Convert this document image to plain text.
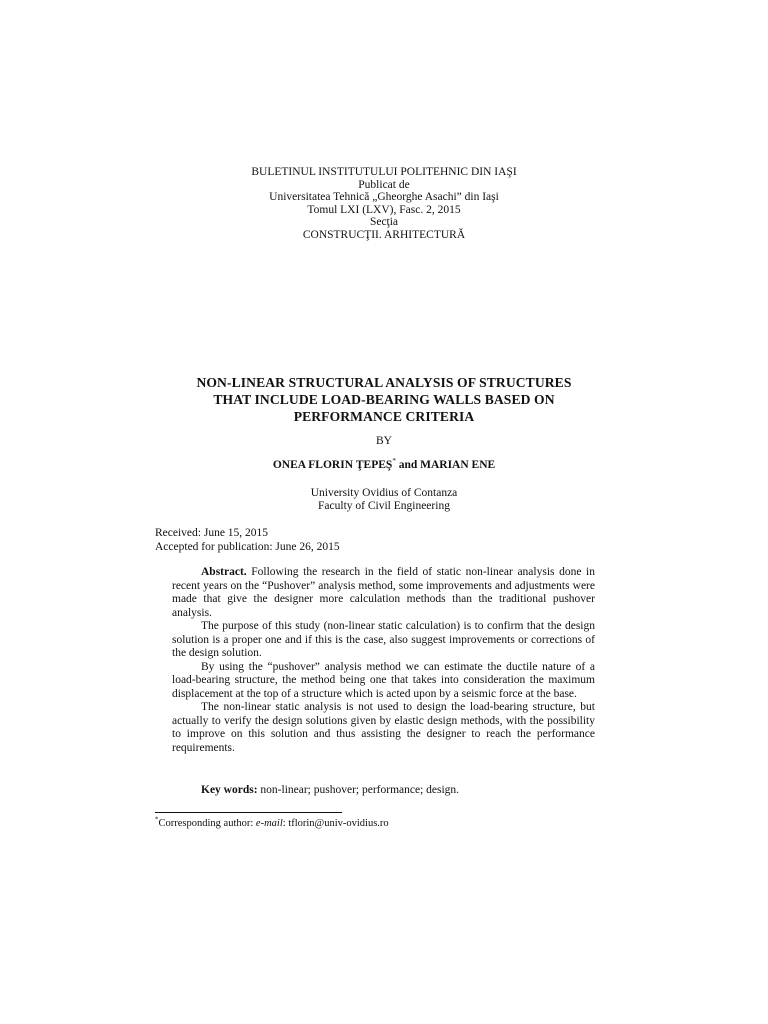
BULETINUL INSTITUTULUI POLITEHNIC DIN IAŞI
Publicat de
Universitatea Tehnică „Gheorghe Asachi” din Iaşi
Tomul LXI (LXV), Fasc. 2, 2015
Secţia
CONSTRUCŢII. ARHITECTURĂ
NON-LINEAR STRUCTURAL ANALYSIS OF STRUCTURES
THAT INCLUDE LOAD-BEARING WALLS BASED ON
PERFORMANCE CRITERIA
BY
ONEA FLORIN ŢEPEŞ* and MARIAN ENE
University Ovidius of Contanza
Faculty of Civil Engineering
Received: June 15, 2015
Accepted for publication: June 26, 2015

Abstract. Following the research in the field of static non-linear analysis done in recent years on the “Pushover” analysis method, some improvements and adjustments were made that give the designer more calculation methods than the traditional pushover analysis.

The purpose of this study (non-linear static calculation) is to confirm that the design solution is a proper one and if this is the case, also suggest improvements or corrections of the design solution.

By using the “pushover” analysis method we can estimate the ductile nature of a load-bearing structure, the method being one that takes into consideration the maximum displacement at the top of a structure which is acted upon by a seismic force at the base.

The non-linear static analysis is not used to design the load-bearing structure, but actually to verify the design solutions given by elastic design methods, with the possibility to improve on this solution and thus assisting the designer to reach the performance requirements.

Key words: non-linear; pushover; performance; design.
*Corresponding author: e-mail: tflorin@univ-ovidius.ro
